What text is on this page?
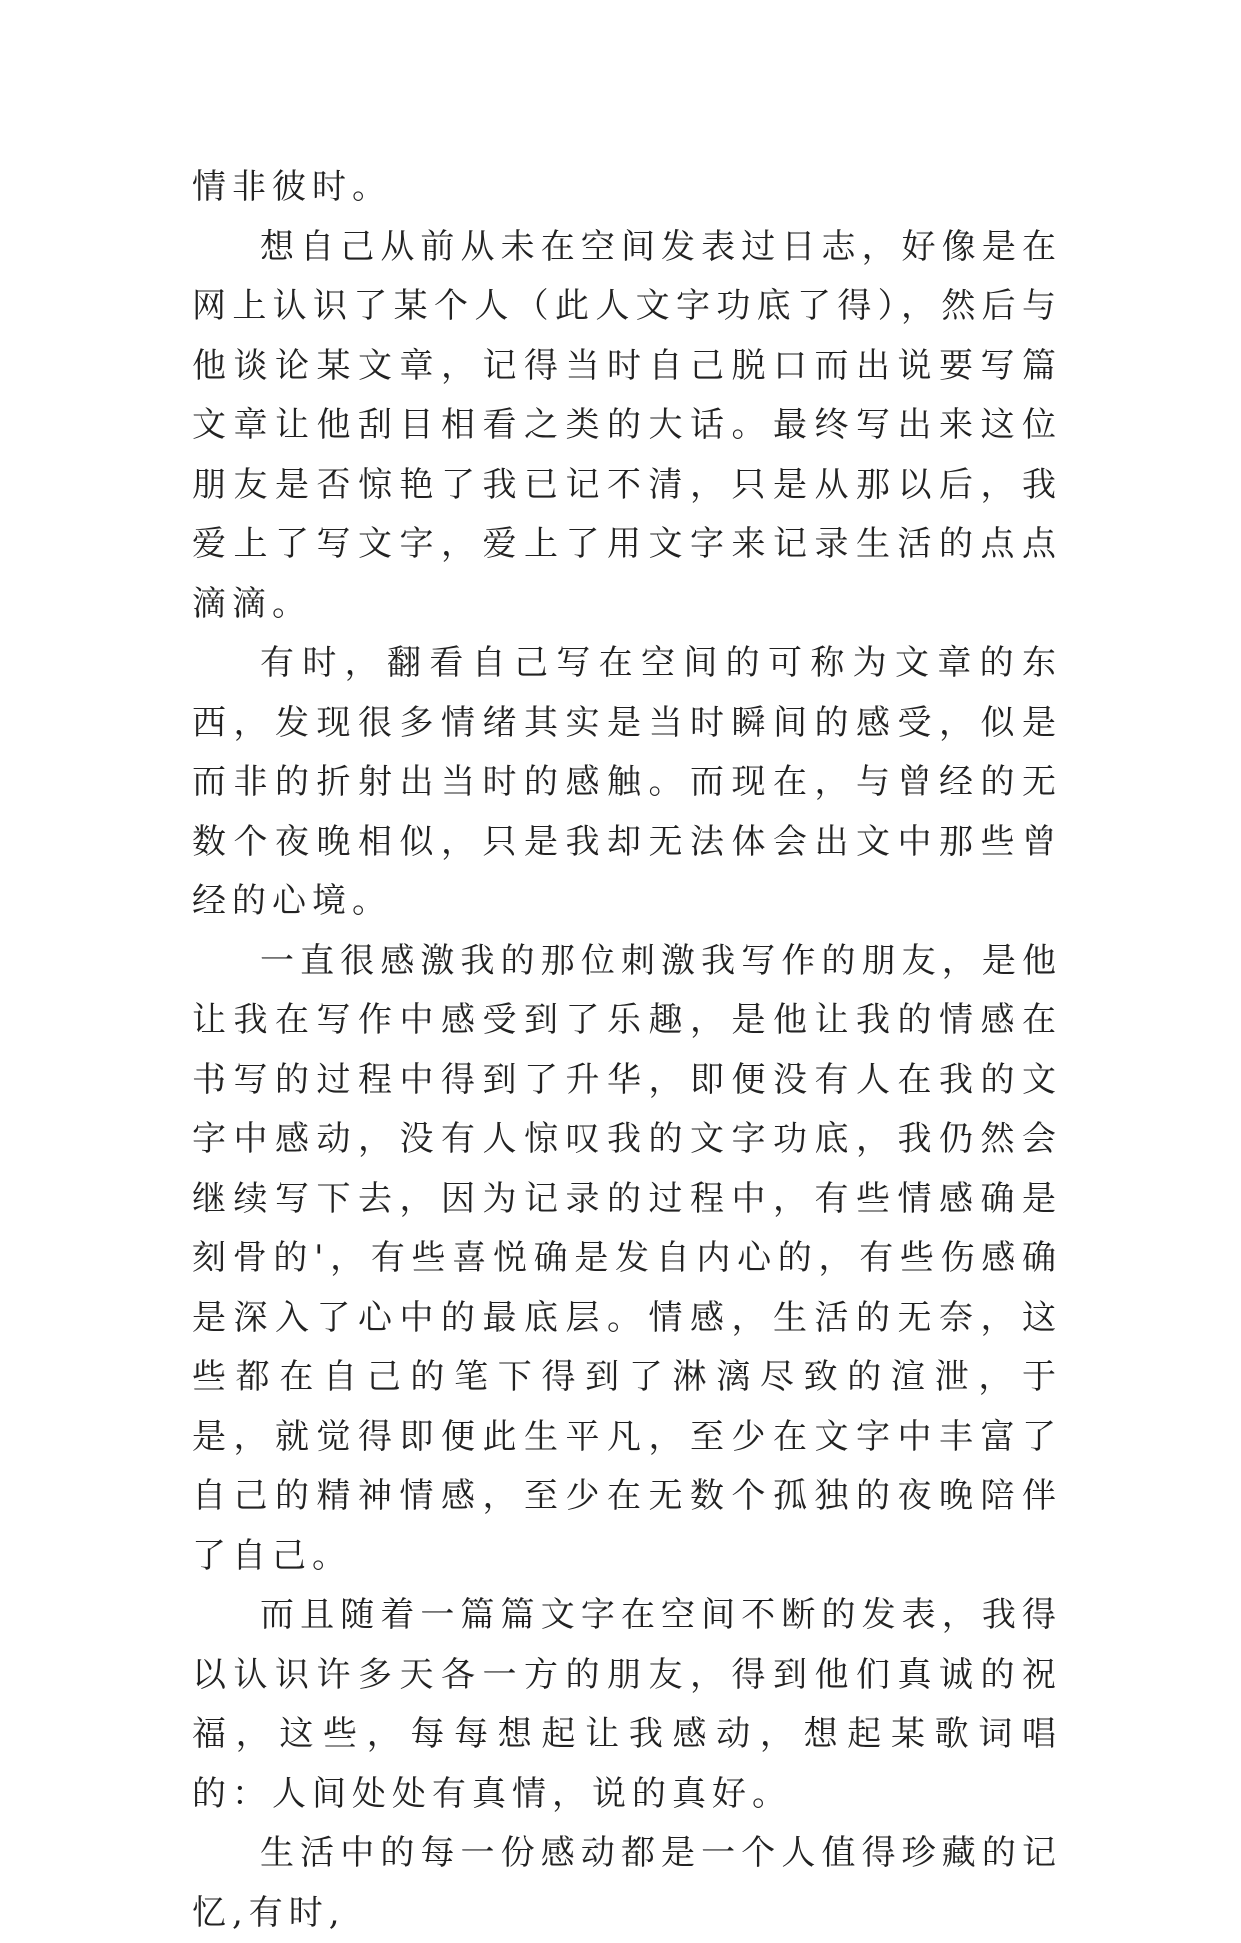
情非彼时。

想自己从前从未在空间发表过日志，好像是在网上认识了某个人（此人文字功底了得），然后与他谈论某文章，记得当时自己脱口而出说要写篇文章让他刮目相看之类的大话。最终写出来这位朋友是否惊艳了我已记不清，只是从那以后，我爱上了写文字，爱上了用文字来记录生活的点点滴滴。

有时，翻看自己写在空间的可称为文章的东西，发现很多情绪其实是当时瞬间的感受，似是而非的折射出当时的感触。而现在，与曾经的无数个夜晚相似，只是我却无法体会出文中那些曾经的心境。

一直很感激我的那位刺激我写作的朋友，是他让我在写作中感受到了乐趣，是他让我的情感在书写的过程中得到了升华，即便没有人在我的文字中感动，没有人惊叹我的文字功底，我仍然会继续写下去，因为记录的过程中，有些情感确是刻骨的'，有些喜悦确是发自内心的，有些伤感确是深入了心中的最底层。情感，生活的无奈，这些都在自己的笔下得到了淋漓尽致的渲泄，于是，就觉得即便此生平凡，至少在文字中丰富了自己的精神情感，至少在无数个孤独的夜晚陪伴了自己。

而且随着一篇篇文字在空间不断的发表，我得以认识许多天各一方的朋友，得到他们真诚的祝福，这些，每每想起让我感动，想起某歌词唱的：人间处处有真情，说的真好。

生活中的每一份感动都是一个人值得珍藏的记忆,有时,
